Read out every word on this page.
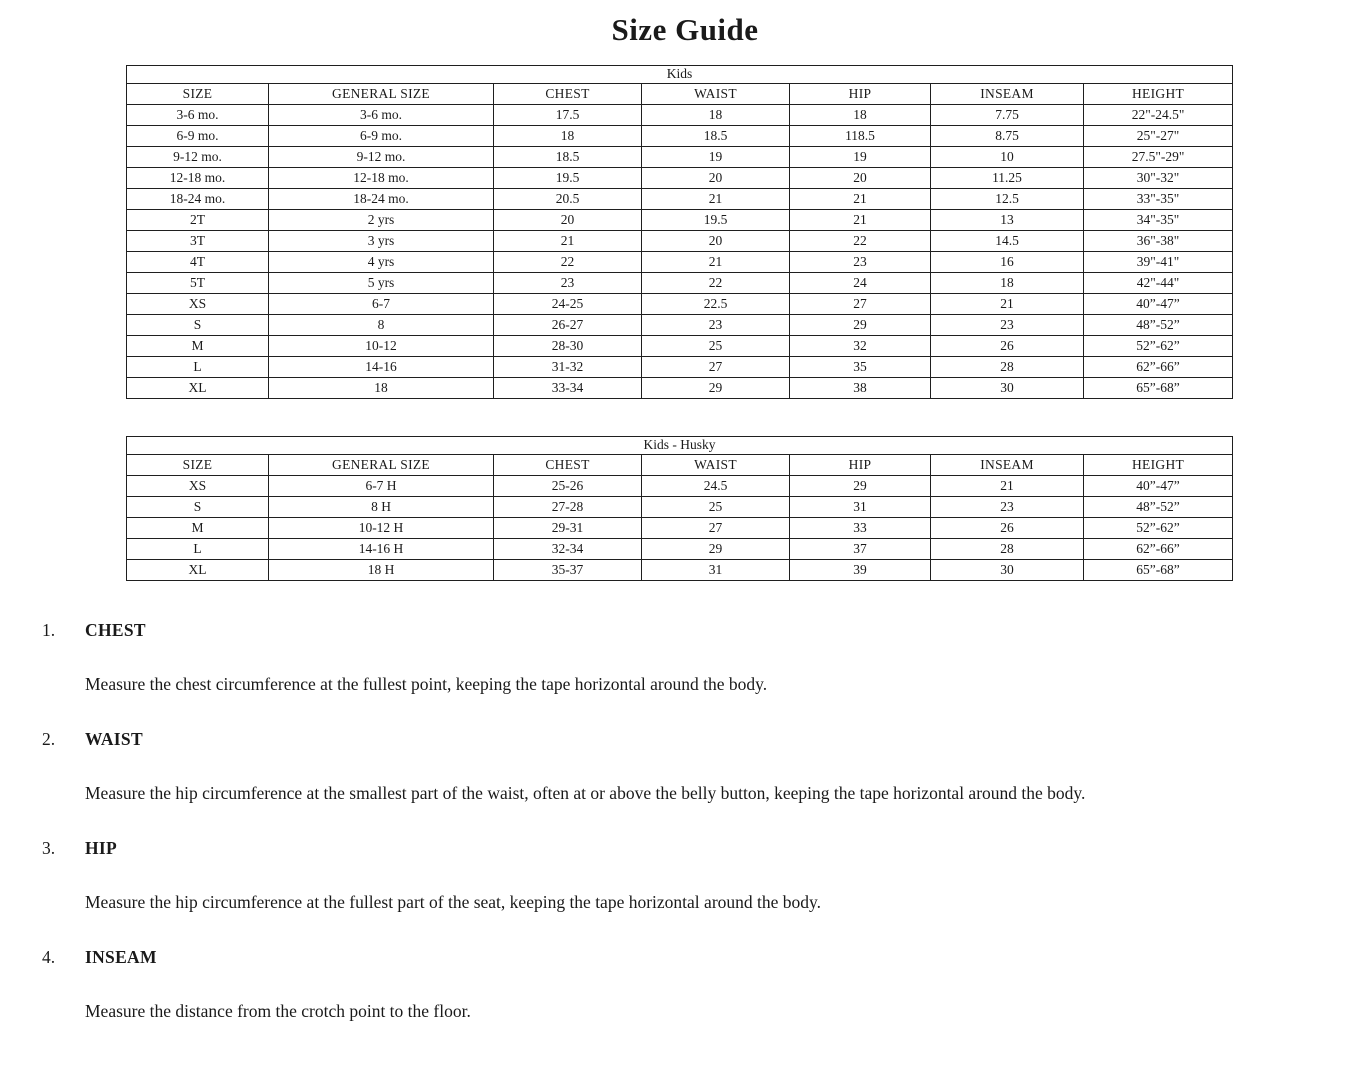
Size Guide
Kids						
SIZE	GENERAL SIZE	CHEST	WAIST	HIP	INSEAM	HEIGHT
3-6 mo.	3-6 mo.	17.5	18	18	7.75	22"-24.5"
6-9 mo.	6-9 mo.	18	18.5	118.5	8.75	25"-27"
9-12 mo.	9-12 mo.	18.5	19	19	10	27.5"-29"
12-18 mo.	12-18 mo.	19.5	20	20	11.25	30"-32"
18-24 mo.	18-24 mo.	20.5	21	21	12.5	33"-35"
2T	2 yrs	20	19.5	21	13	34"-35"
3T	3 yrs	21	20	22	14.5	36"-38"
4T	4 yrs	22	21	23	16	39"-41"
5T	5 yrs	23	22	24	18	42"-44"
XS	6-7	24-25	22.5	27	21	40”-47”
S	8	26-27	23	29	23	48”-52”
M	10-12	28-30	25	32	26	52”-62”
L	14-16	31-32	27	35	28	62”-66”
XL	18	33-34	29	38	30	65”-68”
Kids - Husky						
SIZE	GENERAL SIZE	CHEST	WAIST	HIP	INSEAM	HEIGHT
XS	6-7 H	25-26	24.5	29	21	40”-47”
S	8 H	27-28	25	31	23	48”-52”
M	10-12 H	29-31	27	33	26	52”-62”
L	14-16 H	32-34	29	37	28	62”-66”
XL	18 H	35-37	31	39	30	65”-68”

1.	CHEST

Measure the chest circumference at the fullest point, keeping the tape horizontal around the body.

2.	WAIST

Measure the hip circumference at the smallest part of the waist, often at or above the belly button, keeping the tape horizontal around the body.

3.	HIP

Measure the hip circumference at the fullest part of the seat, keeping the tape horizontal around the body.

4.	INSEAM

Measure the distance from the crotch point to the floor.
